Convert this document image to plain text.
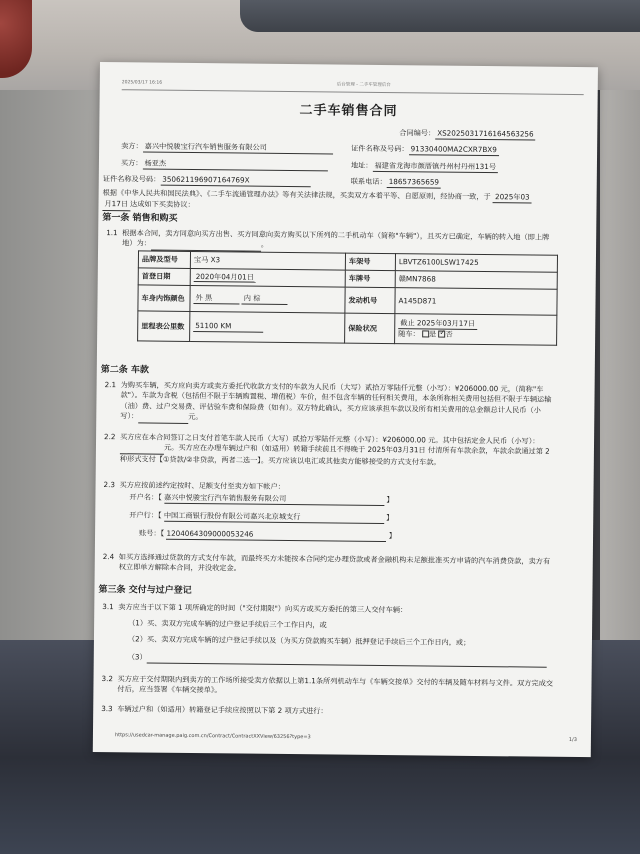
2025/03/17 16:16	后台管理 - 二手车管理后台
二手车销售合同
合同编号： XS2025031716164563256
卖方： 嘉兴中悦骏宝行汽车销售服务有限公司	证件名称及号码： 91330400MA2CXR7BX9
买方： 杨亚杰	地址： 福建省龙海市颜厝镇丹州村丹州131号
证件名称及号码： 350621196907164769X	联系电话： 18657365659
根据《中华人民共和国民法典》、《二手车流通管理办法》等有关法律法规，买卖双方本着平等、自愿原则，经协商一致，于 2025年03
月17日 达成如下买卖协议：
第一条 销售和购买
1.1 根据本合同，卖方同意向买方出售、买方同意向卖方购买以下所列的二手机动车（简称"车辆"），且买方已确定，车辆的转入地（即上牌地）为：	。
品牌及型号	宝马 X3	车架号	LBVTZ6100LSW17425
首登日期	2020年04月01日	车牌号	赣MN7868
车身内饰颜色	外 黑 内 棕	发动机号	A145D871
里程表公里数	51100 KM	保险状况	截止 2025年03月17日
随车： 是 ✓ 否
第二条 车款
2.1 为购买车辆，买方应向卖方或卖方委托代收款方支付的车款为人民币（大写）贰拾万零陆仟元整（小写）：¥206000.00 元，（简称"车款"）。车款为含税（包括但不限于车辆购置税、增值税）车价，但不包含车辆的任何相关费用，本条所称相关费用包括但不限于车辆运输（油）费、过户交易费、评估验车费和保险费（如有）。双方特此确认，买方应该承担车款以及所有相关费用的总金额总计人民币（小写）：	元。
2.2 买方应在本合同签订之日支付首笔车款人民币（大写）贰拾万零陆仟元整（小写）：¥206000.00 元。其中包括定金人民币（小写）： 元。买方应在办理车辆过户和（如适用）转籍手续前且不得晚于 2025年03月31日 付清所有车款余款，车款余款通过第 2 种形式支付【①贷款/②非贷款，两者二选一】。买方应该以电汇或其他卖方能够接受的方式支付车款。
2.3 买方应按前述约定按时、足额支付至卖方如下帐户：
开户名：【 嘉兴中悦骏宝行汽车销售服务有限公司	】
开户行：【 中国工商银行股份有限公司嘉兴北京城支行	】
账号：【 1204064309000053246	】
2.4 如买方选择通过贷款的方式支付车款，而最终买方未能按本合同约定办理贷款或者金融机构未足额批准买方申请的汽车消费贷款，卖方有权立即单方解除本合同，并没收定金。
第三条 交付与过户登记
3.1 卖方应当于以下第 1 项所确定的时间（"交付期限"）向买方或买方委托的第三人交付车辆：
（1）买、卖双方完成车辆的过户登记手续后三个工作日内，或
（2）买、卖双方完成车辆的过户登记手续以及（为买方贷款购买车辆）抵押登记手续后三个工作日内，或；
（3）
3.2 买方应于交付期限内到卖方的工作场所接受卖方依据以上第1.1条所列机动车与《车辆交接单》交付的车辆及随车材料与文件。双方完成交付后，应当签署《车辆交接单》。
3.3 车辆过户和（如适用）转籍登记手续应按照以下第 2 项方式进行：
https://usedcar-manage.paig.com.cn/Contract/ContractXXView/63256?type=3	1/3
